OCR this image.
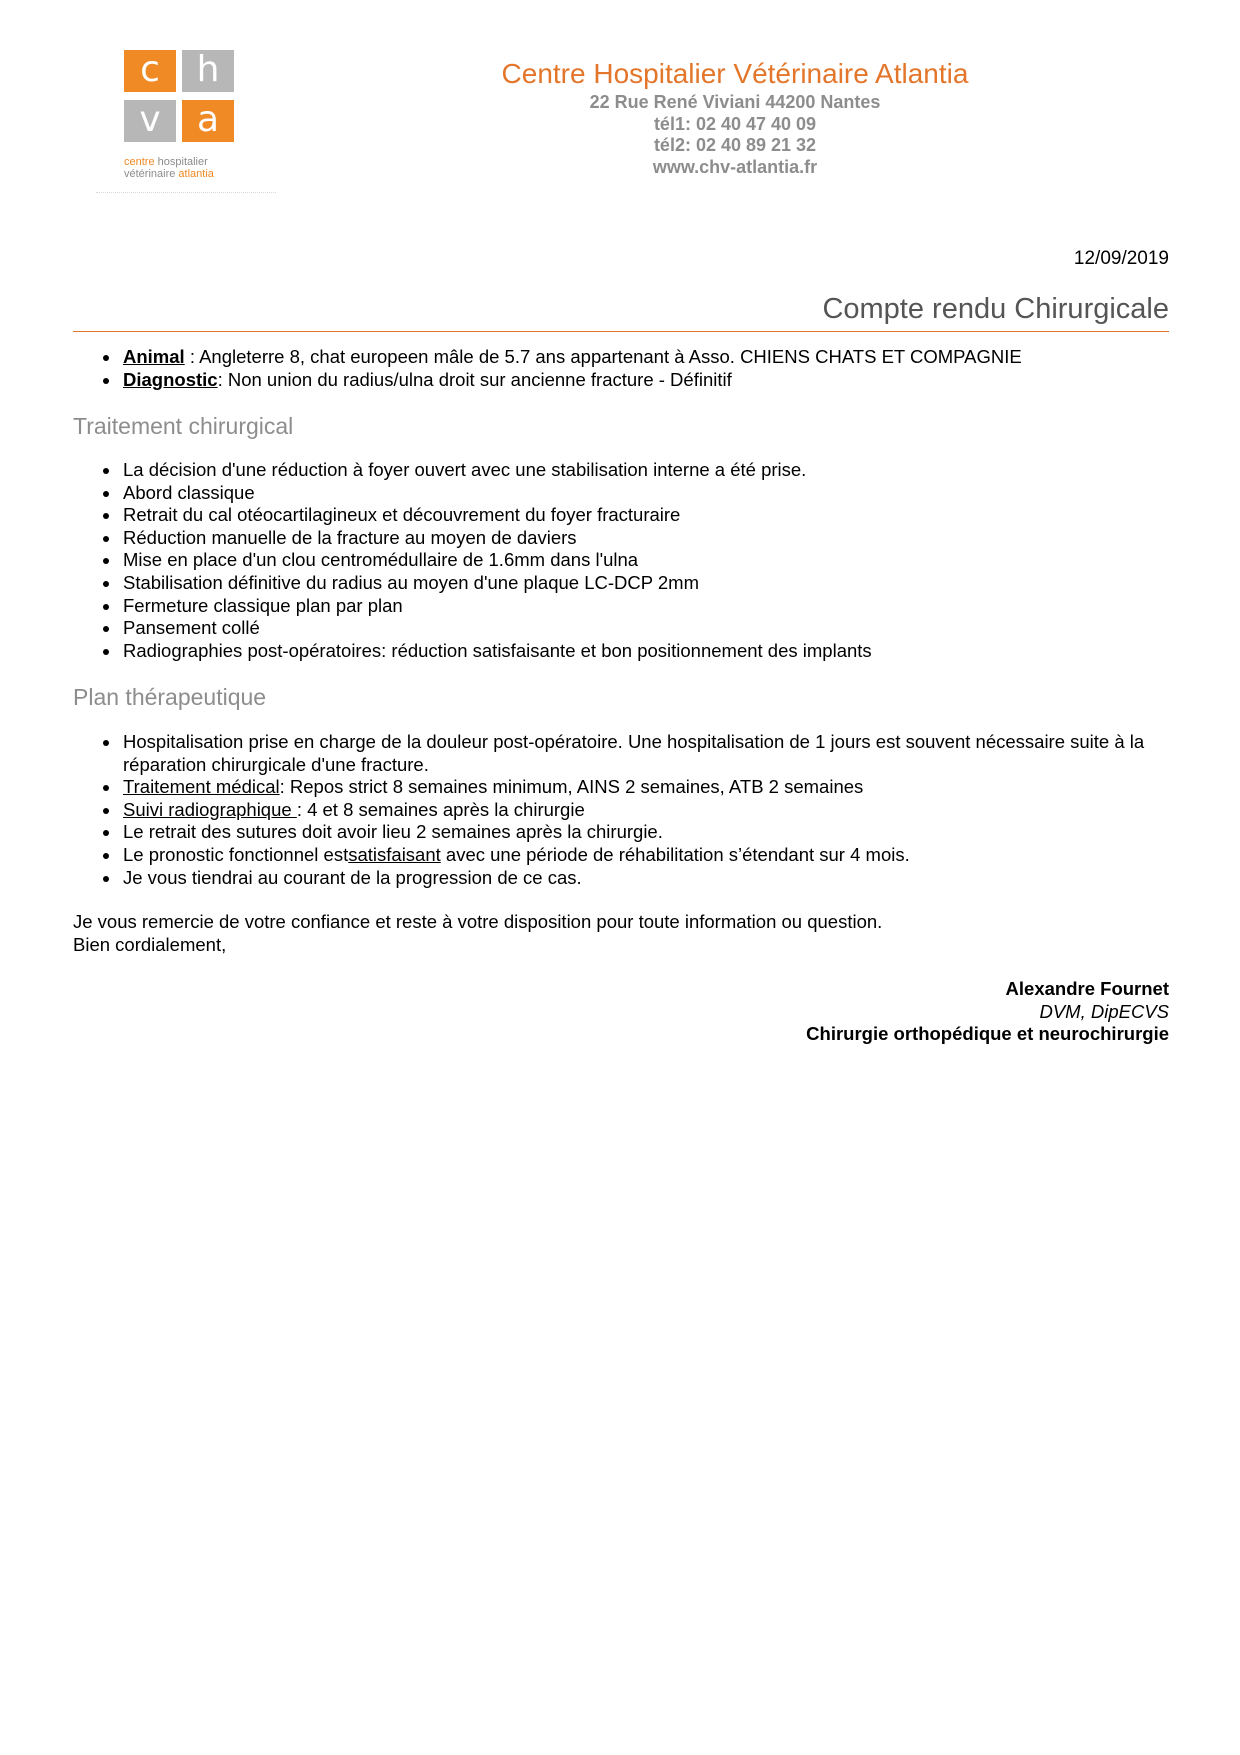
c	h
v	a
centre hospitalier
vétérinaire atlantia
Centre Hospitalier Vétérinaire Atlantia
22 Rue René Viviani 44200 Nantes
tél1: 02 40 47 40 09
tél2: 02 40 89 21 32
www.chv-atlantia.fr
12/09/2019
Compte rendu Chirurgicale
Animal : Angleterre 8, chat europeen mâle de 5.7 ans appartenant à Asso. CHIENS CHATS ET COMPAGNIE
Diagnostic: Non union du radius/ulna droit sur ancienne fracture - Définitif
Traitement chirurgical
La décision d'une réduction à foyer ouvert avec une stabilisation interne a été prise.
Abord classique
Retrait du cal otéocartilagineux et découvrement du foyer fracturaire
Réduction manuelle de la fracture au moyen de daviers
Mise en place d'un clou centromédullaire de 1.6mm dans l'ulna
Stabilisation définitive du radius au moyen d'une plaque LC-DCP 2mm
Fermeture classique plan par plan
Pansement collé
Radiographies post-opératoires: réduction satisfaisante et bon positionnement des implants
Plan thérapeutique
Hospitalisation prise en charge de la douleur post-opératoire. Une hospitalisation de 1 jours est souvent nécessaire suite à la réparation chirurgicale d'une fracture.
Traitement médical: Repos strict 8 semaines minimum, AINS 2 semaines, ATB 2 semaines
Suivi radiographique : 4 et 8 semaines après la chirurgie
Le retrait des sutures doit avoir lieu 2 semaines après la chirurgie.
Le pronostic fonctionnel estsatisfaisant avec une période de réhabilitation s’étendant sur 4 mois.
Je vous tiendrai au courant de la progression de ce cas.
Je vous remercie de votre confiance et reste à votre disposition pour toute information ou question.
Bien cordialement,
Alexandre Fournet
DVM, DipECVS
Chirurgie orthopédique et neurochirurgie
